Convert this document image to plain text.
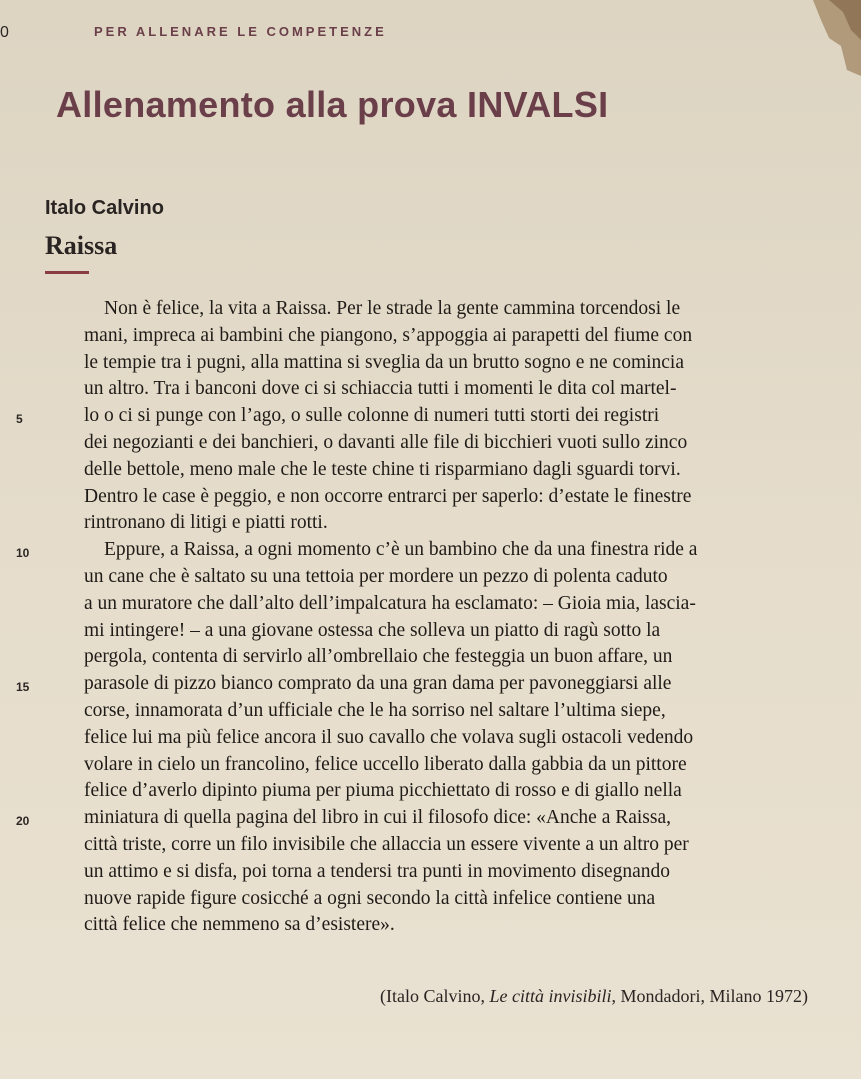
0	PER ALLENARE LE COMPETENZE
Allenamento alla prova INVALSI
Italo Calvino
Raissa
Non è felice, la vita a Raissa. Per le strade la gente cammina torcendosi le
mani, impreca ai bambini che piangono, s’appoggia ai parapetti del fiume con
le tempie tra i pugni, alla mattina si sveglia da un brutto sogno e ne comincia
un altro. Tra i banconi dove ci si schiaccia tutti i momenti le dita col martel-
5	lo o ci si punge con l’ago, o sulle colonne di numeri tutti storti dei registri
dei negozianti e dei banchieri, o davanti alle file di bicchieri vuoti sullo zinco
delle bettole, meno male che le teste chine ti risparmiano dagli sguardi torvi.
Dentro le case è peggio, e non occorre entrarci per saperlo: d’estate le finestre
rintronano di litigi e piatti rotti.
10	Eppure, a Raissa, a ogni momento c’è un bambino che da una finestra ride a
un cane che è saltato su una tettoia per mordere un pezzo di polenta caduto
a un muratore che dall’alto dell’impalcatura ha esclamato: – Gioia mia, lascia-
mi intingere! – a una giovane ostessa che solleva un piatto di ragù sotto la
pergola, contenta di servirlo all’ombrellaio che festeggia un buon affare, un
15	parasole di pizzo bianco comprato da una gran dama per pavoneggiarsi alle
corse, innamorata d’un ufficiale che le ha sorriso nel saltare l’ultima siepe,
felice lui ma più felice ancora il suo cavallo che volava sugli ostacoli vedendo
volare in cielo un francolino, felice uccello liberato dalla gabbia da un pittore
felice d’averlo dipinto piuma per piuma picchiettato di rosso e di giallo nella
20	miniatura di quella pagina del libro in cui il filosofo dice: «Anche a Raissa,
città triste, corre un filo invisibile che allaccia un essere vivente a un altro per
un attimo e si disfa, poi torna a tendersi tra punti in movimento disegnando
nuove rapide figure cosicché a ogni secondo la città infelice contiene una
città felice che nemmeno sa d’esistere».
(Italo Calvino, Le città invisibili, Mondadori, Milano 1972)
